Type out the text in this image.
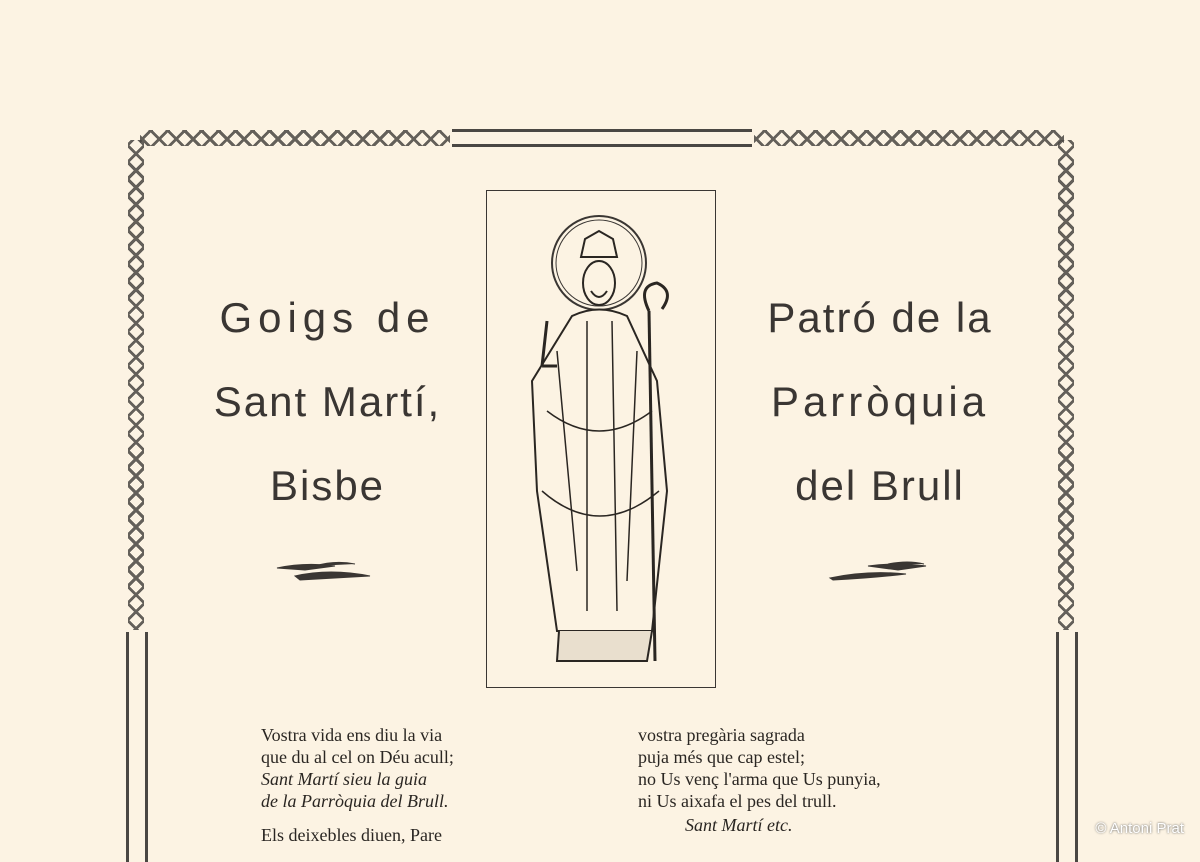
Goigs de
Sant Martí,
Bisbe
Patró de la
Parròquia
del Brull
Vostra vida ens diu la via
que du al cel on Déu acull;
Sant Martí sieu la guia
de la Parròquia del Brull.
Els deixebles diuen, Pare
vostra pregària sagrada
puja més que cap estel;
no Us venç l'arma que Us punyia,
ni Us aixafa el pes del trull.
Sant Martí etc.	© Antoni Prat
